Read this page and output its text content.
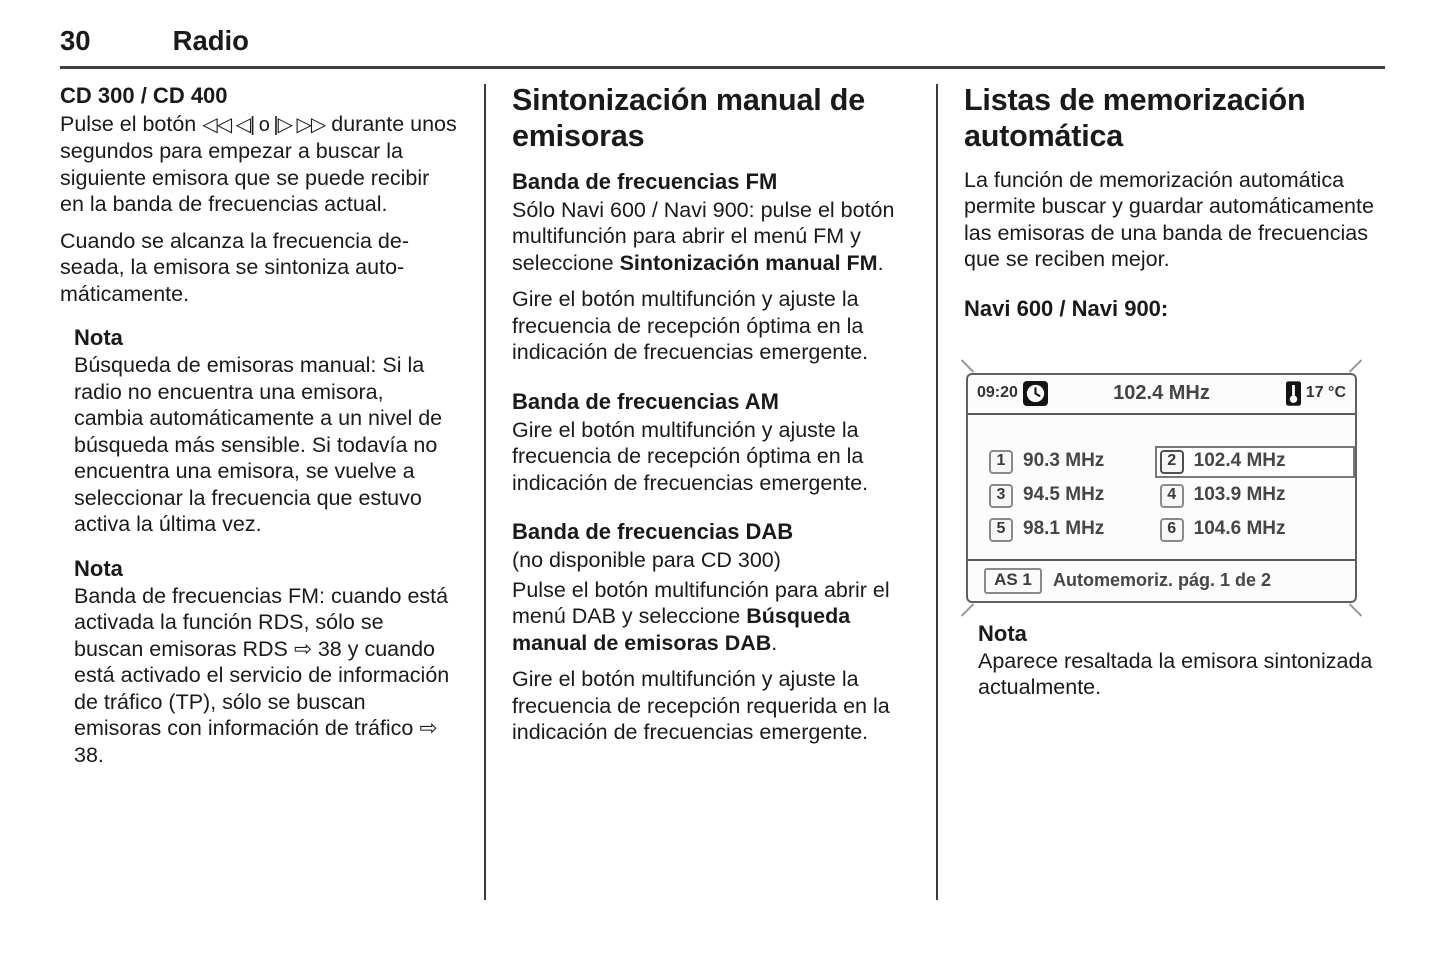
30	Radio
CD 300 / CD 400

Pulse el botón ◁◁ ◁| o |▷ ▷▷ durante unos segundos para empezar a buscar la siguiente emisora que se puede recibir en la banda de frecuencias actual.

Cuando se alcanza la frecuencia deseada, la emisora se sintoniza automáticamente.

Nota

Búsqueda de emisoras manual: Si la radio no encuentra una emisora, cambia automáticamente a un nivel de búsqueda más sensible. Si todavía no encuentra una emisora, se vuelve a seleccionar la frecuencia que estuvo activa la última vez.

Nota

Banda de frecuencias FM: cuando está activada la función RDS, sólo se buscan emisoras RDS ⇨ 38 y cuando está activado el servicio de información de tráfico (TP), sólo se buscan emisoras con información de tráfico ⇨ 38.

Sintonización manual de emisoras
Banda de frecuencias FM

Sólo Navi 600 / Navi 900: pulse el botón multifunción para abrir el menú FM y seleccione Sintonización manual FM.

Gire el botón multifunción y ajuste la frecuencia de recepción óptima en la indicación de frecuencias emergente.

Banda de frecuencias AM

Gire el botón multifunción y ajuste la frecuencia de recepción óptima en la indicación de frecuencias emergente.

Banda de frecuencias DAB

(no disponible para CD 300)

Pulse el botón multifunción para abrir el menú DAB y seleccione Búsqueda manual de emisoras DAB.

Gire el botón multifunción y ajuste la frecuencia de recepción requerida en la indicación de frecuencias emergente.

Listas de memorización automática

La función de memorización automática permite buscar y guardar automáticamente las emisoras de una banda de frecuencias que se reciben mejor.

Navi 600 / Navi 900:
09:20	102.4 MHz	17 °C
1 90.3 MHz	2 102.4 MHz
3 94.5 MHz	4 103.9 MHz
5 98.1 MHz	6 104.6 MHz
AS 1	Automemoriz. pág. 1 de 2
Nota

Aparece resaltada la emisora sintonizada actualmente.
